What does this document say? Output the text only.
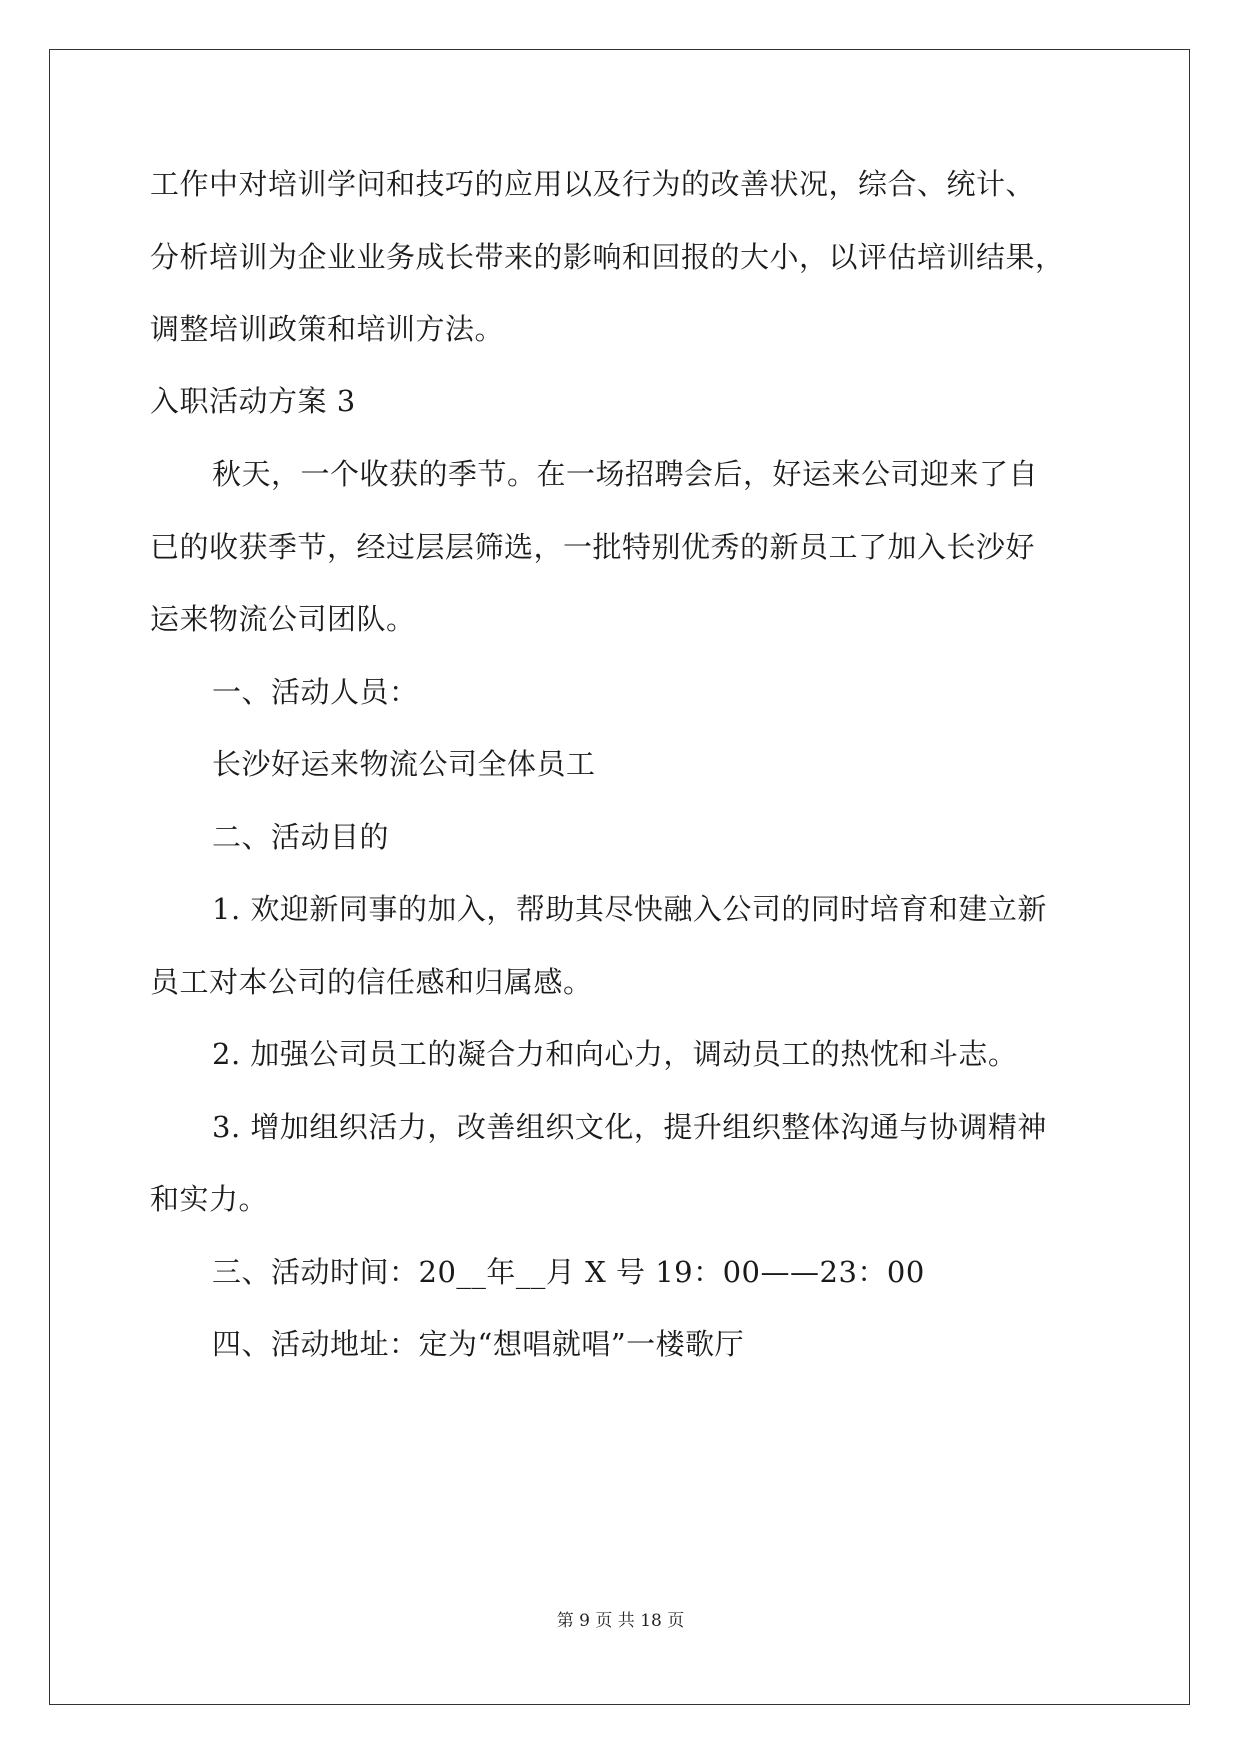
工作中对培训学问和技巧的应用以及行为的改善状况，综合、统计、
分析培训为企业业务成长带来的影响和回报的大小，以评估培训结果，
调整培训政策和培训方法。
入职活动方案 3
秋天，一个收获的季节。在一场招聘会后，好运来公司迎来了自
已的收获季节，经过层层筛选，一批特别优秀的新员工了加入长沙好
运来物流公司团队。
一、活动人员：
长沙好运来物流公司全体员工
二、活动目的
1. 欢迎新同事的加入，帮助其尽快融入公司的同时培育和建立新
员工对本公司的信任感和归属感。
2. 加强公司员工的凝合力和向心力，调动员工的热忱和斗志。
3. 增加组织活力，改善组织文化，提升组织整体沟通与协调精神
和实力。
三、活动时间：20__年__月 X 号 19：00——23：00
四、活动地址：定为“想唱就唱”一楼歌厅
第 9 页 共 18 页
